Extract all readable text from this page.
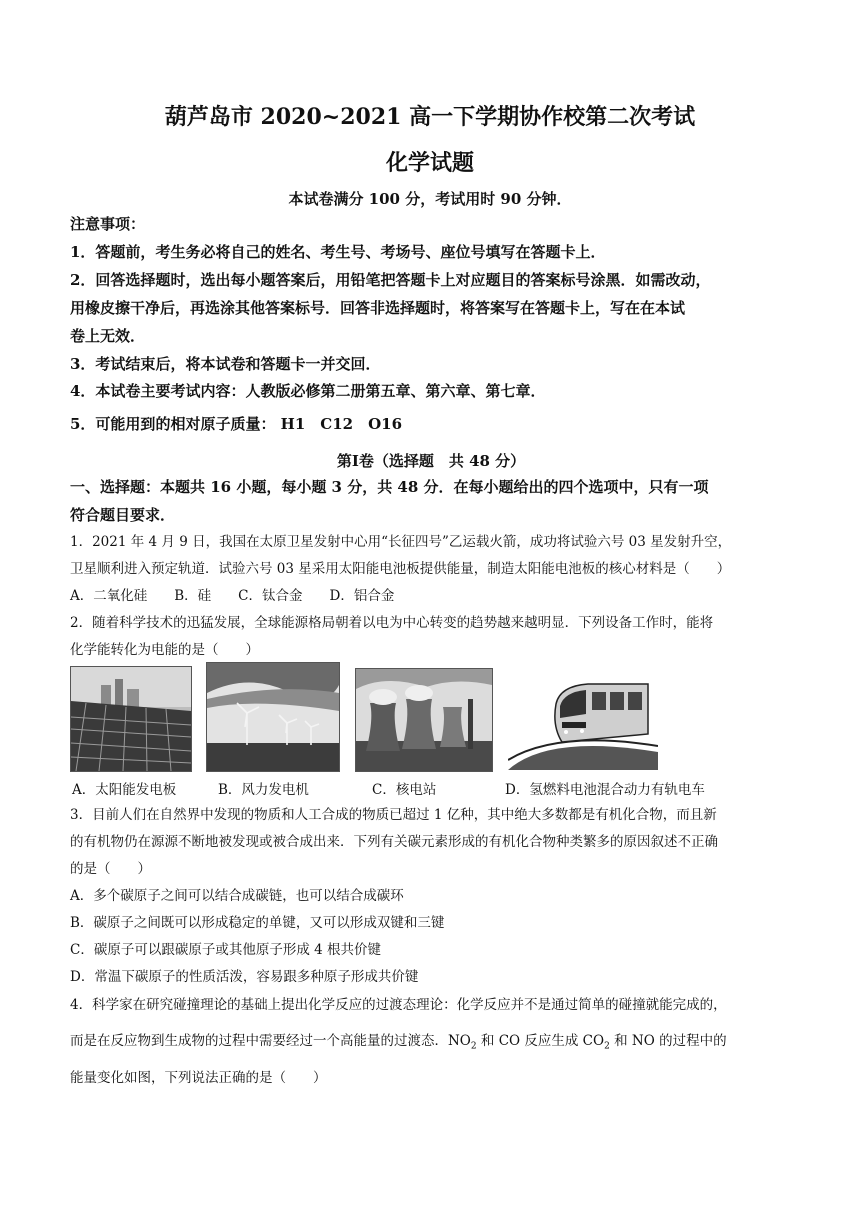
葫芦岛市 2020~2021 高一下学期协作校第二次考试
化学试题
本试卷满分 100 分，考试用时 90 分钟．
注意事项：
1．答题前，考生务必将自己的姓名、考生号、考场号、座位号填写在答题卡上．
2．回答选择题时，选出每小题答案后，用铅笔把答题卡上对应题目的答案标号涂黑．如需改动，
用橡皮擦干净后，再选涂其他答案标号．回答非选择题时，将答案写在答题卡上，写在在本试
卷上无效．
3．考试结束后，将本试卷和答题卡一并交回．
4．本试卷主要考试内容：人教版必修第二册第五章、第六章、第七章．
5．可能用到的相对原子质量： H1　C12　O16
第Ⅰ卷（选择题　共 48 分）
一、选择题：本题共 16 小题，每小题 3 分，共 48 分．在每小题给出的四个选项中，只有一项
符合题目要求．
1．2021 年 4 月 9 日，我国在太原卫星发射中心用“长征四号”乙运载火箭，成功将试验六号 03 星发射升空，
卫星顺利进入预定轨道．试验六号 03 星采用太阳能电池板提供能量，制造太阳能电池板的核心材料是（　　）
A．二氧化硅　　B．硅　　C．钛合金　　D．铝合金
2．随着科学技术的迅猛发展，全球能源格局朝着以电为中心转变的趋势越来越明显．下列设备工作时，能将
化学能转化为电能的是（　　）
A．太阳能发电板	B．风力发电机	C．核电站	D．氢燃料电池混合动力有轨电车
3．目前人们在自然界中发现的物质和人工合成的物质已超过 1 亿种，其中绝大多数都是有机化合物，而且新
的有机物仍在源源不断地被发现或被合成出来．下列有关碳元素形成的有机化合物种类繁多的原因叙述不正确
的是（　　）
A．多个碳原子之间可以结合成碳链，也可以结合成碳环
B．碳原子之间既可以形成稳定的单键，又可以形成双键和三键
C．碳原子可以跟碳原子或其他原子形成 4 根共价键
D．常温下碳原子的性质活泼，容易跟多种原子形成共价键
4．科学家在研究碰撞理论的基础上提出化学反应的过渡态理论：化学反应并不是通过简单的碰撞就能完成的，
而是在反应物到生成物的过程中需要经过一个高能量的过渡态．$NO_2$ 和 CO 反应生成 $CO_2$ 和 NO 的过程中的
能量变化如图，下列说法正确的是（　　）
